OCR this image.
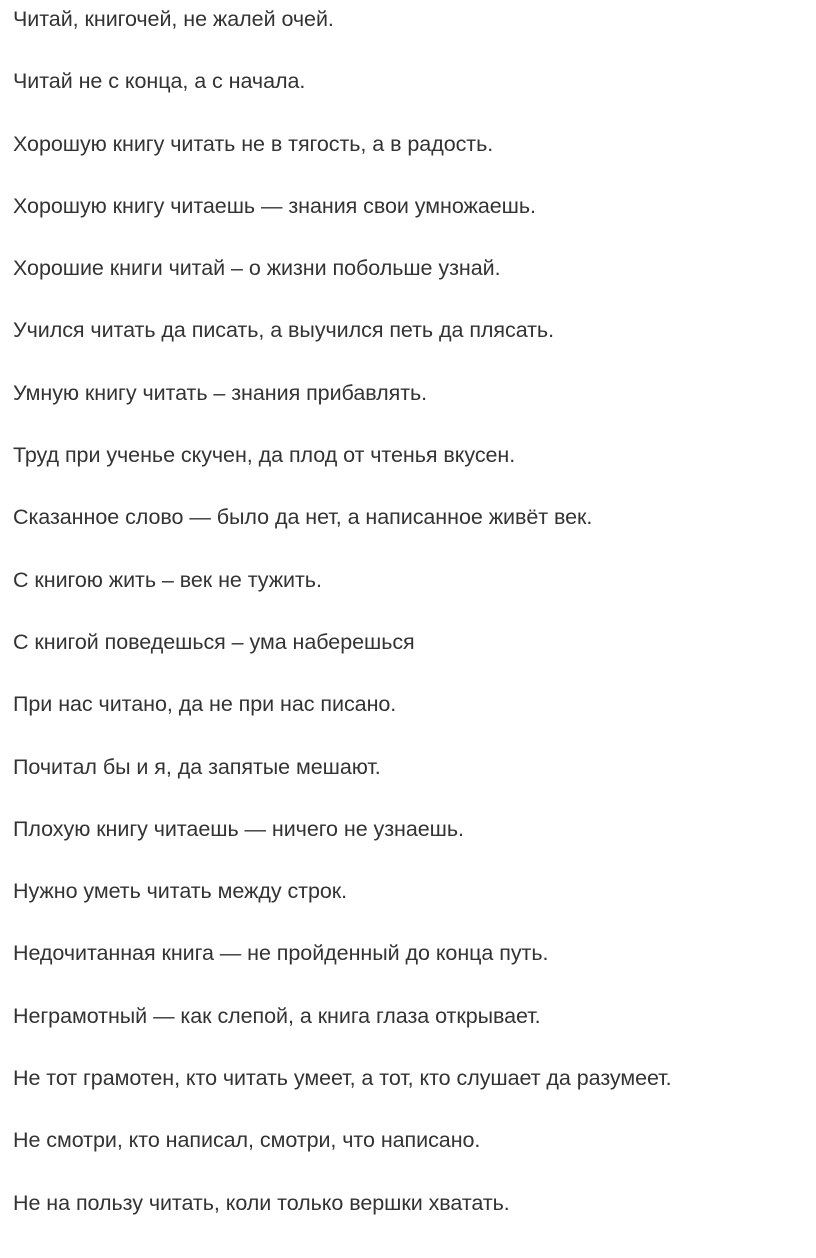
Читай, книгочей, не жалей очей.
Читай не с конца, а с начала.
Хорошую книгу читать не в тягость, а в радость.
Хорошую книгу читаешь — знания свои умножаешь.
Хорошие книги читай – о жизни побольше узнай.
Учился читать да писать, а выучился петь да плясать.
Умную книгу читать – знания прибавлять.
Труд при ученье скучен, да плод от чтенья вкусен.
Сказанное слово — было да нет, а написанное живёт век.
С книгою жить – век не тужить.
С книгой поведешься – ума наберешься
При нас читано, да не при нас писано.
Почитал бы и я, да запятые мешают.
Плохую книгу читаешь — ничего не узнаешь.
Нужно уметь читать между строк.
Недочитанная книга — не пройденный до конца путь.
Неграмотный — как слепой, а книга глаза открывает.
Не тот грамотен, кто читать умеет, а тот, кто слушает да разумеет.
Не смотри, кто написал, смотри, что написано.
Не на пользу читать, коли только вершки хватать.
